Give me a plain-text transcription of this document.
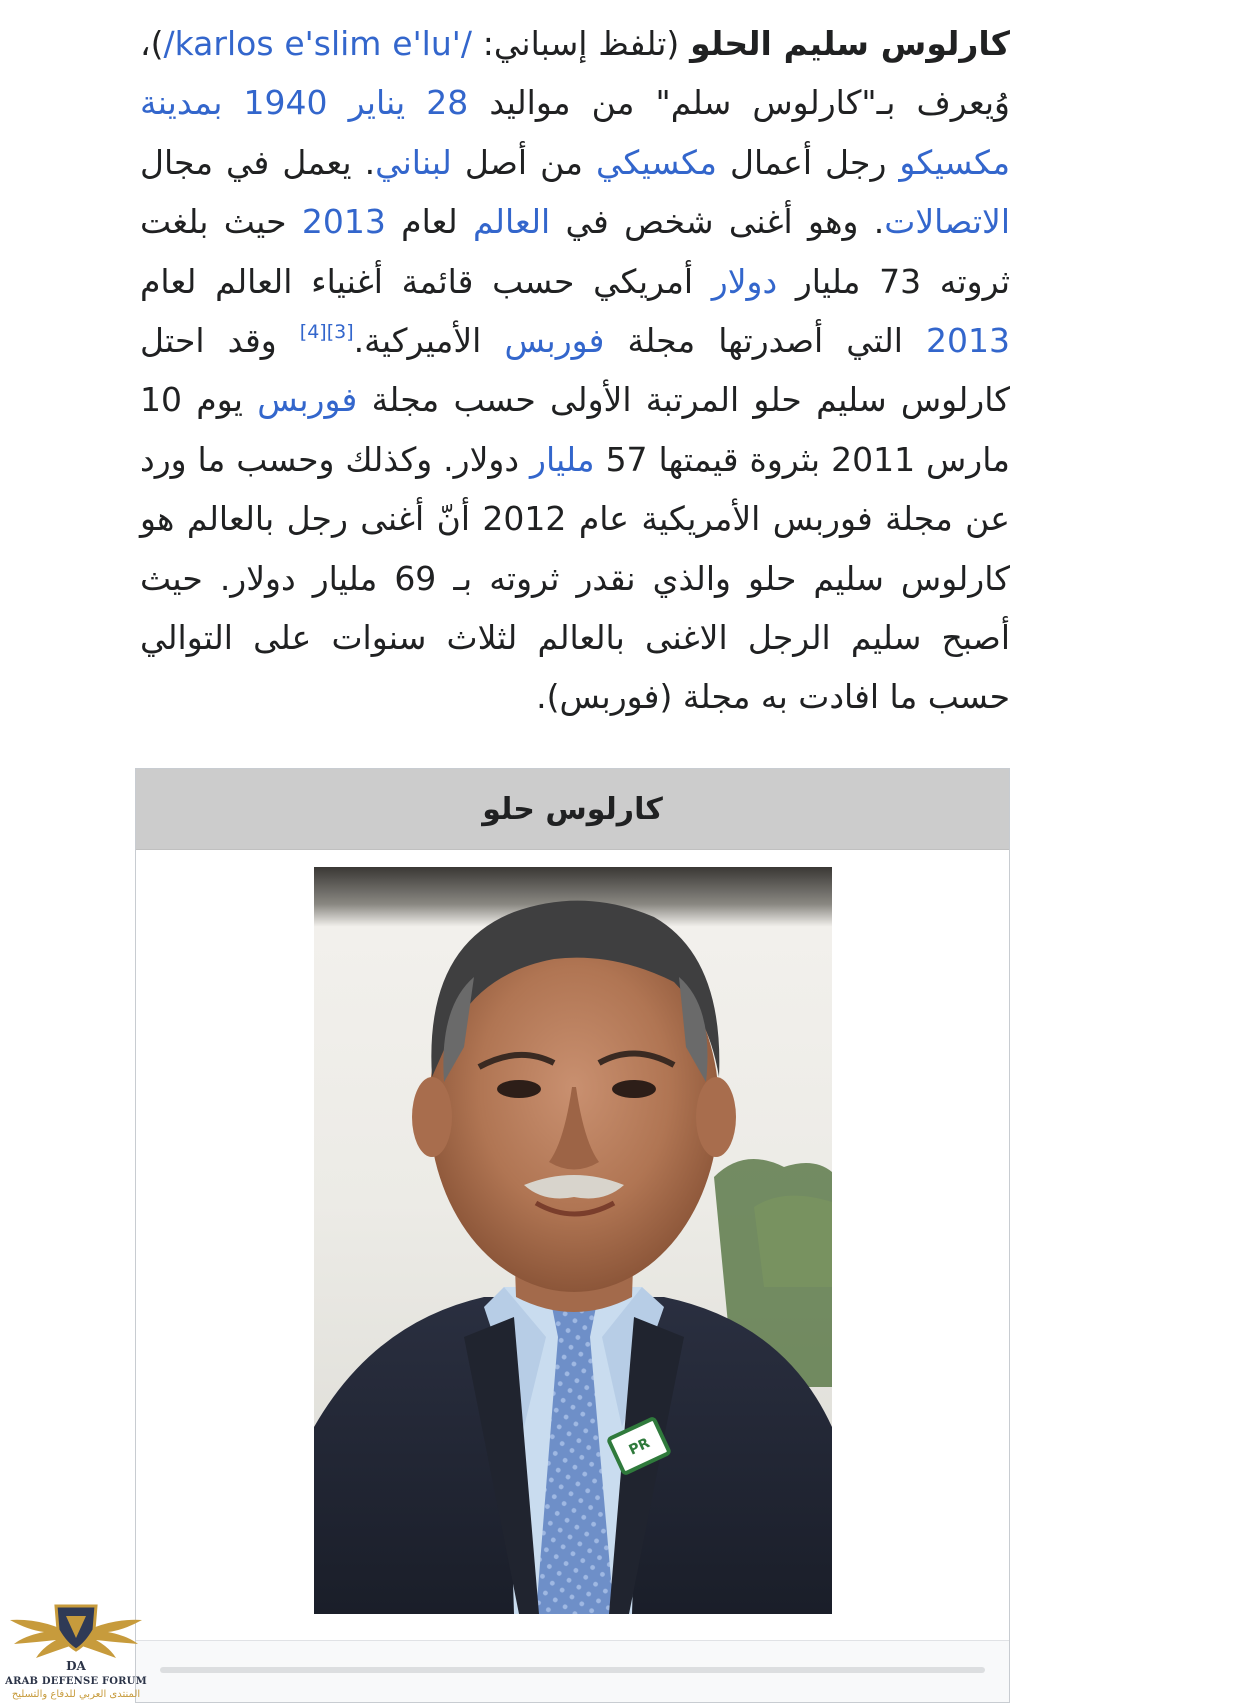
كارلوس سليم الحلو (تلفظ إسباني: /'karlos e'slim e'lu/)، وُيعرف بـ"كارلوس سلم" من مواليد 28 يناير 1940 بمدينة مكسيكو رجل أعمال مكسيكي من أصل لبناني. يعمل في مجال الاتصالات. وهو أغنى شخص في العالم لعام 2013 حيث بلغت ثروته 73 مليار دولار أمريكي حسب قائمة أغنياء العالم لعام 2013 التي أصدرتها مجلة فوربس الأميركية.[3][4] وقد احتل كارلوس سليم حلو المرتبة الأولى حسب مجلة فوربس يوم 10 مارس 2011 بثروة قيمتها 57 مليار دولار. وكذلك وحسب ما ورد عن مجلة فوربس الأمريكية عام 2012 أنّ أغنى رجل بالعالم هو كارلوس سليم حلو والذي نقدر ثروته بـ 69 مليار دولار. حيث أصبح سليم الرجل الاغنى بالعالم لثلاث سنوات على التوالي حسب ما افادت به مجلة (فوربس).

كارلوس حلو
PR
DA
ARAB DEFENSE FORUM
المنتدى العربي للدفاع والتسليح
